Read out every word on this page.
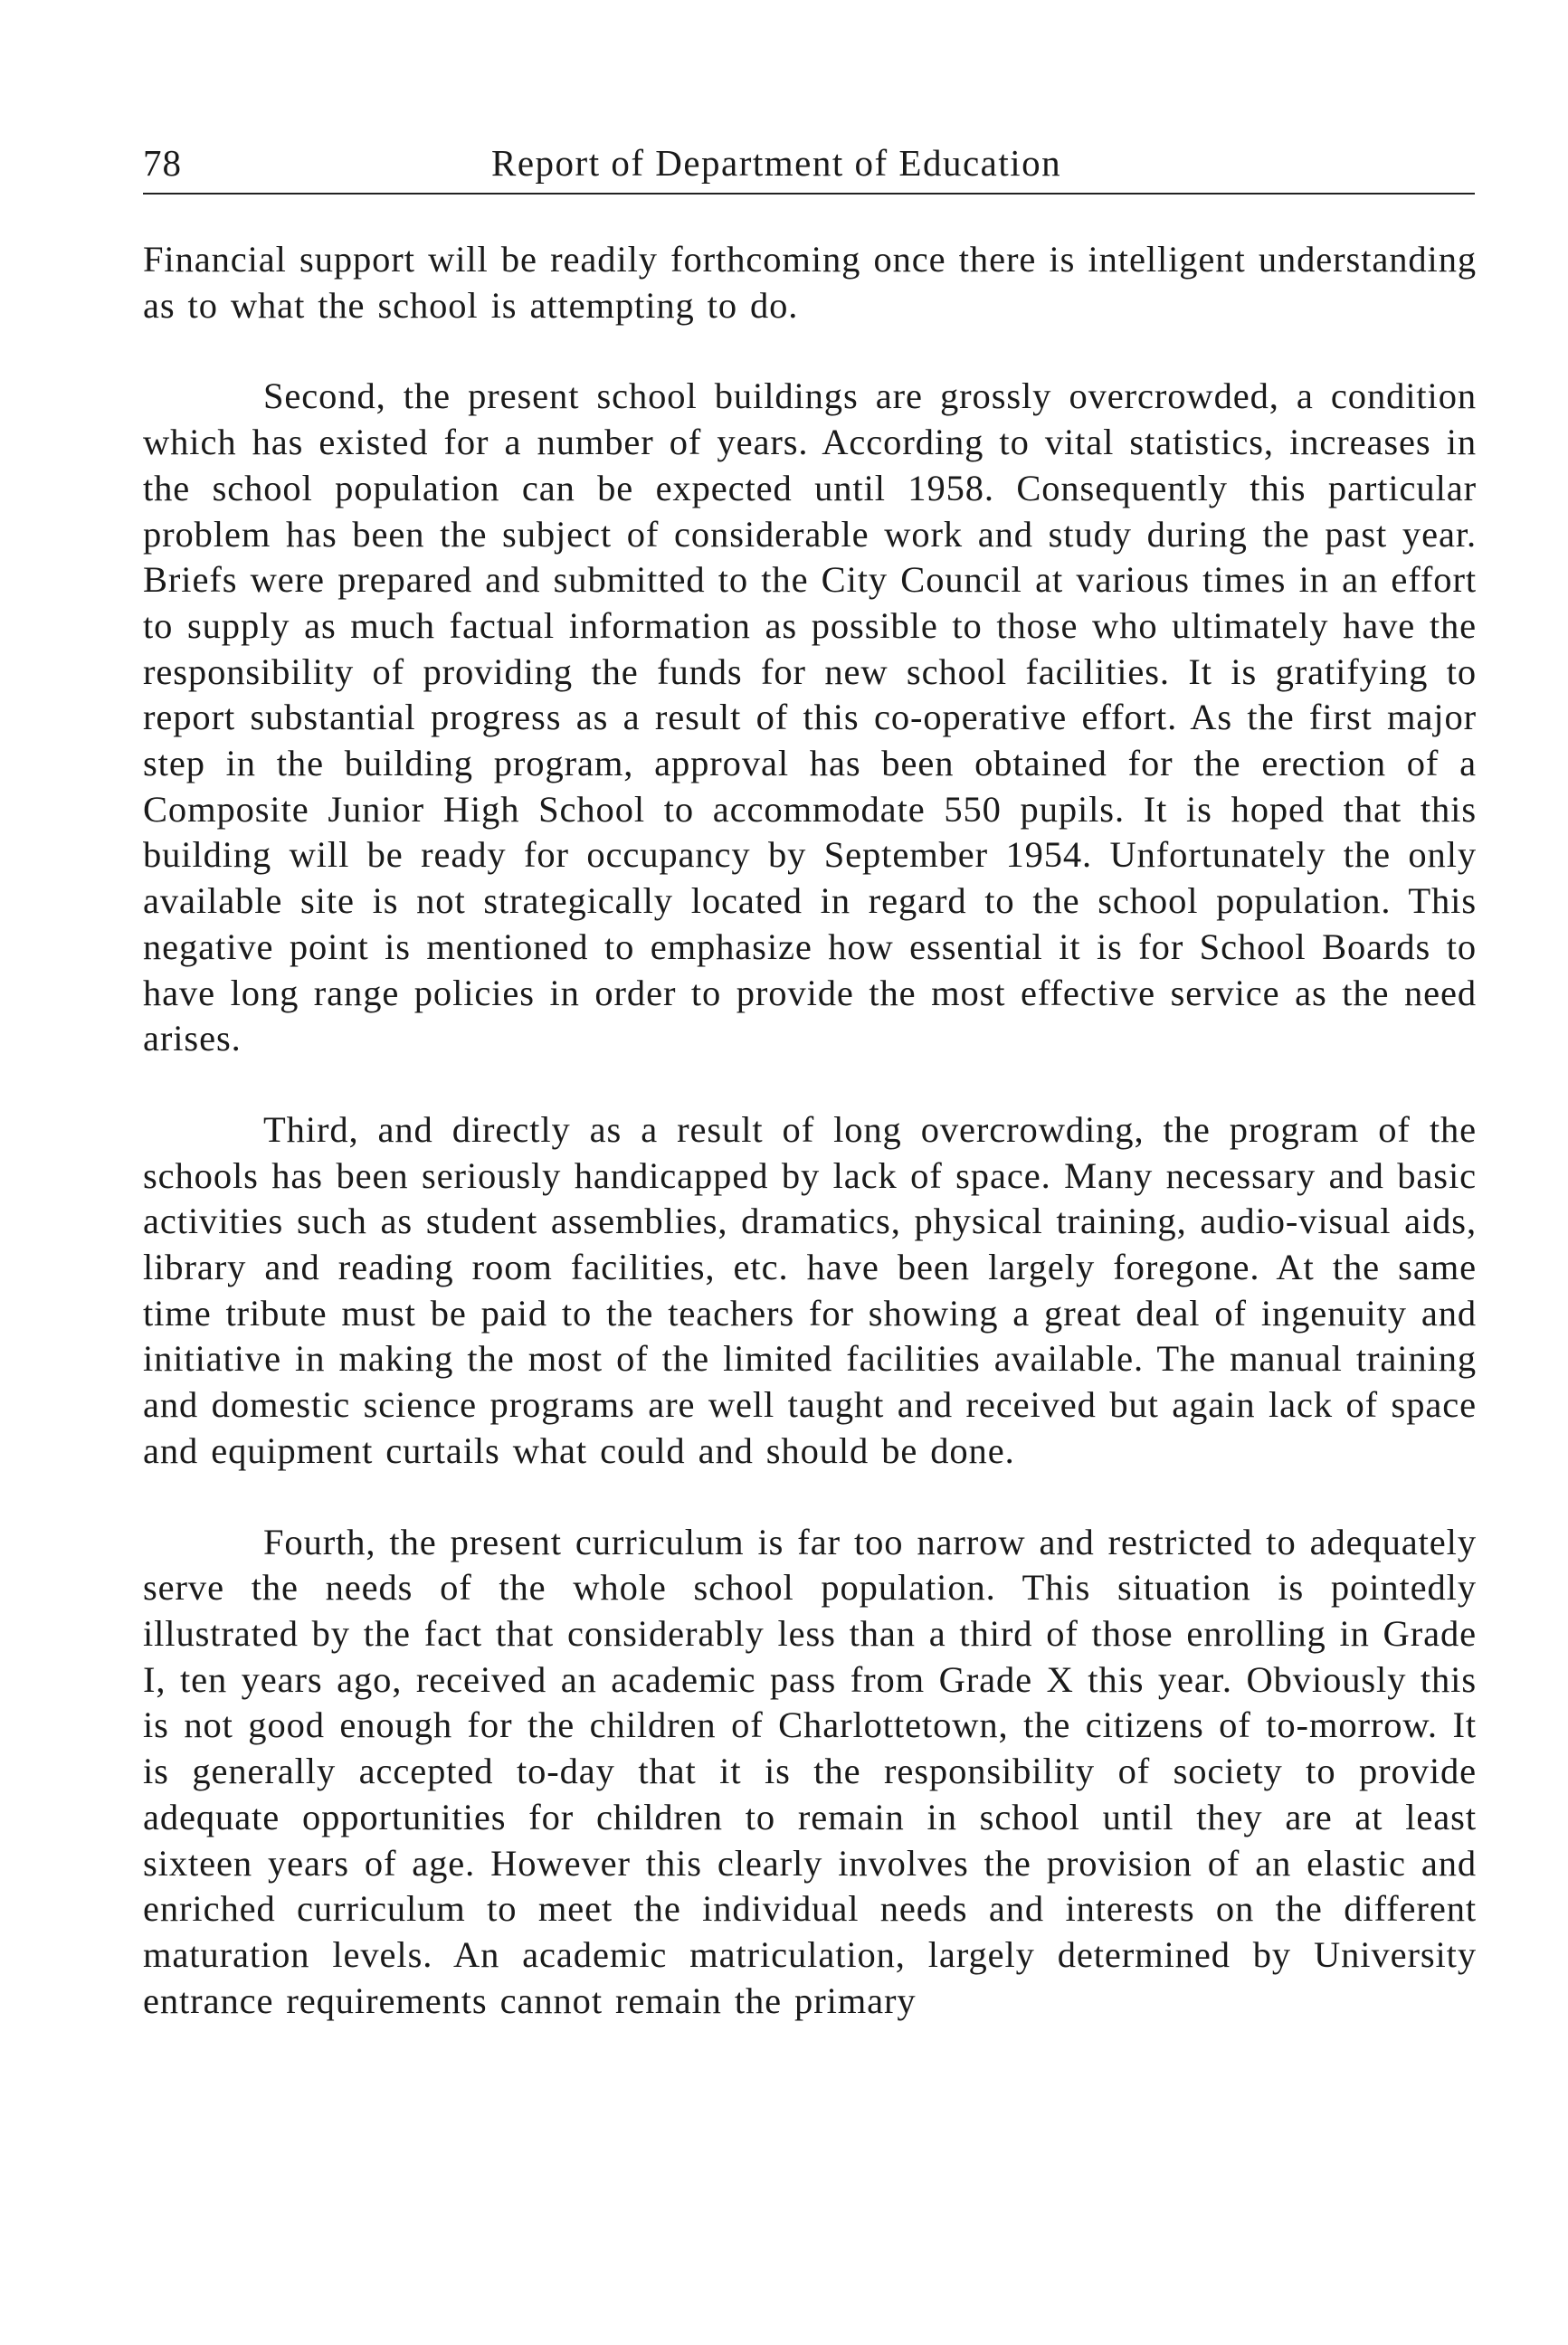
78	Report of Department of Education

Financial support will be readily forthcoming once there is intelligent understanding as to what the school is attempting to do.

Second, the present school buildings are grossly overcrowded, a condition which has existed for a number of years. According to vital statistics, increases in the school population can be expected until 1958. Consequently this particular problem has been the subject of considerable work and study during the past year. Briefs were prepared and submitted to the City Council at various times in an effort to supply as much factual information as possible to those who ultimately have the responsibility of providing the funds for new school facilities. It is gratifying to report substantial progress as a result of this co-operative effort. As the first major step in the building program, approval has been obtained for the erection of a Composite Junior High School to accommodate 550 pupils. It is hoped that this building will be ready for occupancy by September 1954. Unfortunately the only available site is not strategically located in regard to the school population. This negative point is mentioned to emphasize how essential it is for School Boards to have long range policies in order to provide the most effective service as the need arises.

Third, and directly as a result of long overcrowding, the program of the schools has been seriously handicapped by lack of space. Many necessary and basic activities such as student assemblies, dramatics, physical training, audio-visual aids, library and reading room facilities, etc. have been largely foregone. At the same time tribute must be paid to the teachers for showing a great deal of ingenuity and initiative in making the most of the limited facilities available. The manual training and domestic science programs are well taught and received but again lack of space and equipment curtails what could and should be done.

Fourth, the present curriculum is far too narrow and restricted to adequately serve the needs of the whole school population. This situation is pointedly illustrated by the fact that considerably less than a third of those enrolling in Grade I, ten years ago, received an academic pass from Grade X this year. Obviously this is not good enough for the children of Charlottetown, the citizens of to-morrow. It is generally accepted to-day that it is the responsibility of society to provide adequate opportunities for children to remain in school until they are at least sixteen years of age. However this clearly involves the provision of an elastic and enriched curriculum to meet the individual needs and interests on the different maturation levels. An academic matriculation, largely determined by University entrance requirements cannot remain the primary
